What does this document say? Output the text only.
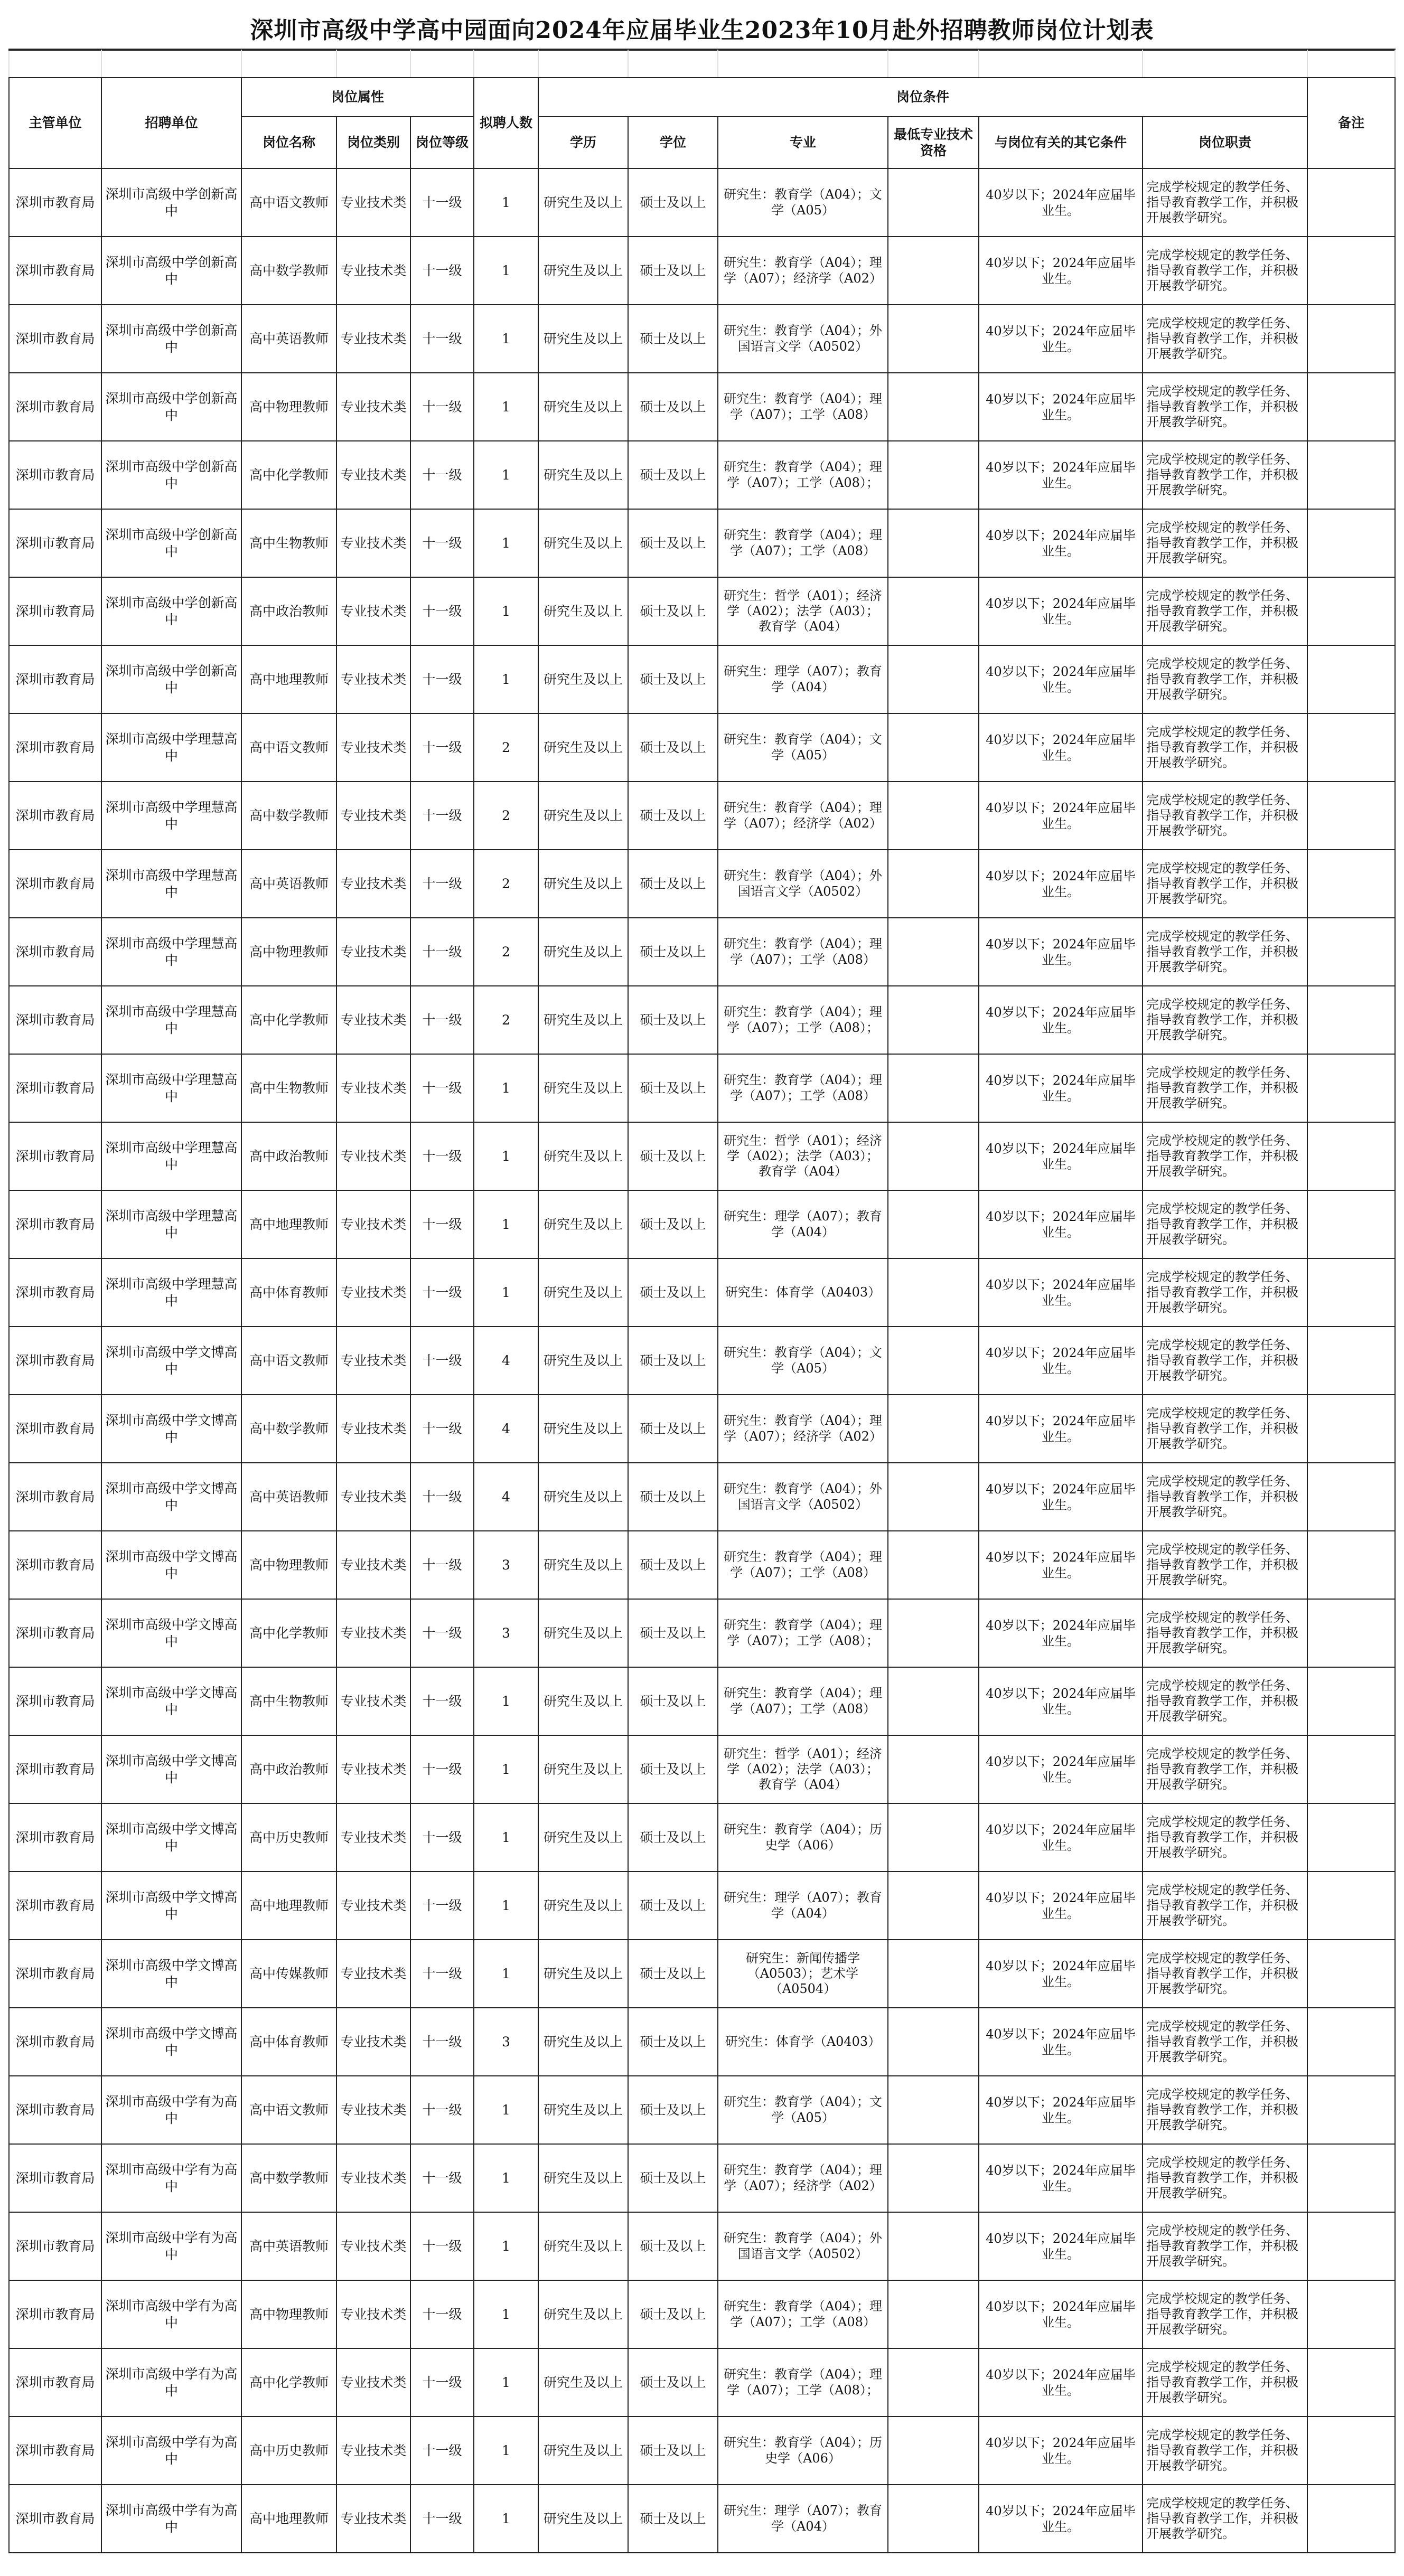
深圳市高级中学高中园面向2024年应届毕业生2023年10月赴外招聘教师岗位计划表

主管单位	招聘单位	岗位属性			拟聘人数	岗位条件						备注
		岗位名称	岗位类别	岗位等级		学历	学位	专业	最低专业技术资格	与岗位有关的其它条件	岗位职责	
深圳市教育局	深圳市高级中学创新高中	高中语文教师	专业技术类	十一级	1	研究生及以上	硕士及以上	研究生：教育学（A04）；文学（A05）		40岁以下；2024年应届毕业生。	完成学校规定的教学任务、指导教育教学工作，并积极开展教学研究。	
深圳市教育局	深圳市高级中学创新高中	高中数学教师	专业技术类	十一级	1	研究生及以上	硕士及以上	研究生：教育学（A04）；理学（A07）；经济学（A02）		40岁以下；2024年应届毕业生。	完成学校规定的教学任务、指导教育教学工作，并积极开展教学研究。	
深圳市教育局	深圳市高级中学创新高中	高中英语教师	专业技术类	十一级	1	研究生及以上	硕士及以上	研究生：教育学（A04）；外国语言文学（A0502）		40岁以下；2024年应届毕业生。	完成学校规定的教学任务、指导教育教学工作，并积极开展教学研究。	
深圳市教育局	深圳市高级中学创新高中	高中物理教师	专业技术类	十一级	1	研究生及以上	硕士及以上	研究生：教育学（A04）；理学（A07）；工学（A08）		40岁以下；2024年应届毕业生。	完成学校规定的教学任务、指导教育教学工作，并积极开展教学研究。	
深圳市教育局	深圳市高级中学创新高中	高中化学教师	专业技术类	十一级	1	研究生及以上	硕士及以上	研究生：教育学（A04）；理学（A07）；工学（A08）；		40岁以下；2024年应届毕业生。	完成学校规定的教学任务、指导教育教学工作，并积极开展教学研究。	
深圳市教育局	深圳市高级中学创新高中	高中生物教师	专业技术类	十一级	1	研究生及以上	硕士及以上	研究生：教育学（A04）；理学（A07）；工学（A08）		40岁以下；2024年应届毕业生。	完成学校规定的教学任务、指导教育教学工作，并积极开展教学研究。	
深圳市教育局	深圳市高级中学创新高中	高中政治教师	专业技术类	十一级	1	研究生及以上	硕士及以上	研究生：哲学（A01）；经济学（A02）；法学（A03）；教育学（A04）		40岁以下；2024年应届毕业生。	完成学校规定的教学任务、指导教育教学工作，并积极开展教学研究。	
深圳市教育局	深圳市高级中学创新高中	高中地理教师	专业技术类	十一级	1	研究生及以上	硕士及以上	研究生：理学（A07）；教育学（A04）		40岁以下；2024年应届毕业生。	完成学校规定的教学任务、指导教育教学工作，并积极开展教学研究。	
深圳市教育局	深圳市高级中学理慧高中	高中语文教师	专业技术类	十一级	2	研究生及以上	硕士及以上	研究生：教育学（A04）；文学（A05）		40岁以下；2024年应届毕业生。	完成学校规定的教学任务、指导教育教学工作，并积极开展教学研究。	
深圳市教育局	深圳市高级中学理慧高中	高中数学教师	专业技术类	十一级	2	研究生及以上	硕士及以上	研究生：教育学（A04）；理学（A07）；经济学（A02）		40岁以下；2024年应届毕业生。	完成学校规定的教学任务、指导教育教学工作，并积极开展教学研究。	
深圳市教育局	深圳市高级中学理慧高中	高中英语教师	专业技术类	十一级	2	研究生及以上	硕士及以上	研究生：教育学（A04）；外国语言文学（A0502）		40岁以下；2024年应届毕业生。	完成学校规定的教学任务、指导教育教学工作，并积极开展教学研究。	
深圳市教育局	深圳市高级中学理慧高中	高中物理教师	专业技术类	十一级	2	研究生及以上	硕士及以上	研究生：教育学（A04）；理学（A07）；工学（A08）		40岁以下；2024年应届毕业生。	完成学校规定的教学任务、指导教育教学工作，并积极开展教学研究。	
深圳市教育局	深圳市高级中学理慧高中	高中化学教师	专业技术类	十一级	2	研究生及以上	硕士及以上	研究生：教育学（A04）；理学（A07）；工学（A08）；		40岁以下；2024年应届毕业生。	完成学校规定的教学任务、指导教育教学工作，并积极开展教学研究。	
深圳市教育局	深圳市高级中学理慧高中	高中生物教师	专业技术类	十一级	1	研究生及以上	硕士及以上	研究生：教育学（A04）；理学（A07）；工学（A08）		40岁以下；2024年应届毕业生。	完成学校规定的教学任务、指导教育教学工作，并积极开展教学研究。	
深圳市教育局	深圳市高级中学理慧高中	高中政治教师	专业技术类	十一级	1	研究生及以上	硕士及以上	研究生：哲学（A01）；经济学（A02）；法学（A03）；教育学（A04）		40岁以下；2024年应届毕业生。	完成学校规定的教学任务、指导教育教学工作，并积极开展教学研究。	
深圳市教育局	深圳市高级中学理慧高中	高中地理教师	专业技术类	十一级	1	研究生及以上	硕士及以上	研究生：理学（A07）；教育学（A04）		40岁以下；2024年应届毕业生。	完成学校规定的教学任务、指导教育教学工作，并积极开展教学研究。	
深圳市教育局	深圳市高级中学理慧高中	高中体育教师	专业技术类	十一级	1	研究生及以上	硕士及以上	研究生：体育学（A0403）		40岁以下；2024年应届毕业生。	完成学校规定的教学任务、指导教育教学工作，并积极开展教学研究。	
深圳市教育局	深圳市高级中学文博高中	高中语文教师	专业技术类	十一级	4	研究生及以上	硕士及以上	研究生：教育学（A04）；文学（A05）		40岁以下；2024年应届毕业生。	完成学校规定的教学任务、指导教育教学工作，并积极开展教学研究。	
深圳市教育局	深圳市高级中学文博高中	高中数学教师	专业技术类	十一级	4	研究生及以上	硕士及以上	研究生：教育学（A04）；理学（A07）；经济学（A02）		40岁以下；2024年应届毕业生。	完成学校规定的教学任务、指导教育教学工作，并积极开展教学研究。	
深圳市教育局	深圳市高级中学文博高中	高中英语教师	专业技术类	十一级	4	研究生及以上	硕士及以上	研究生：教育学（A04）；外国语言文学（A0502）		40岁以下；2024年应届毕业生。	完成学校规定的教学任务、指导教育教学工作，并积极开展教学研究。	
深圳市教育局	深圳市高级中学文博高中	高中物理教师	专业技术类	十一级	3	研究生及以上	硕士及以上	研究生：教育学（A04）；理学（A07）；工学（A08）		40岁以下；2024年应届毕业生。	完成学校规定的教学任务、指导教育教学工作，并积极开展教学研究。	
深圳市教育局	深圳市高级中学文博高中	高中化学教师	专业技术类	十一级	3	研究生及以上	硕士及以上	研究生：教育学（A04）；理学（A07）；工学（A08）；		40岁以下；2024年应届毕业生。	完成学校规定的教学任务、指导教育教学工作，并积极开展教学研究。	
深圳市教育局	深圳市高级中学文博高中	高中生物教师	专业技术类	十一级	1	研究生及以上	硕士及以上	研究生：教育学（A04）；理学（A07）；工学（A08）		40岁以下；2024年应届毕业生。	完成学校规定的教学任务、指导教育教学工作，并积极开展教学研究。	
深圳市教育局	深圳市高级中学文博高中	高中政治教师	专业技术类	十一级	1	研究生及以上	硕士及以上	研究生：哲学（A01）；经济学（A02）；法学（A03）；教育学（A04）		40岁以下；2024年应届毕业生。	完成学校规定的教学任务、指导教育教学工作，并积极开展教学研究。	
深圳市教育局	深圳市高级中学文博高中	高中历史教师	专业技术类	十一级	1	研究生及以上	硕士及以上	研究生：教育学（A04）；历史学（A06）		40岁以下；2024年应届毕业生。	完成学校规定的教学任务、指导教育教学工作，并积极开展教学研究。	
深圳市教育局	深圳市高级中学文博高中	高中地理教师	专业技术类	十一级	1	研究生及以上	硕士及以上	研究生：理学（A07）；教育学（A04）		40岁以下；2024年应届毕业生。	完成学校规定的教学任务、指导教育教学工作，并积极开展教学研究。	
深圳市教育局	深圳市高级中学文博高中	高中传媒教师	专业技术类	十一级	1	研究生及以上	硕士及以上	研究生：新闻传播学（A0503）；艺术学（A0504）		40岁以下；2024年应届毕业生。	完成学校规定的教学任务、指导教育教学工作，并积极开展教学研究。	
深圳市教育局	深圳市高级中学文博高中	高中体育教师	专业技术类	十一级	3	研究生及以上	硕士及以上	研究生：体育学（A0403）		40岁以下；2024年应届毕业生。	完成学校规定的教学任务、指导教育教学工作，并积极开展教学研究。	
深圳市教育局	深圳市高级中学有为高中	高中语文教师	专业技术类	十一级	1	研究生及以上	硕士及以上	研究生：教育学（A04）；文学（A05）		40岁以下；2024年应届毕业生。	完成学校规定的教学任务、指导教育教学工作，并积极开展教学研究。	
深圳市教育局	深圳市高级中学有为高中	高中数学教师	专业技术类	十一级	1	研究生及以上	硕士及以上	研究生：教育学（A04）；理学（A07）；经济学（A02）		40岁以下；2024年应届毕业生。	完成学校规定的教学任务、指导教育教学工作，并积极开展教学研究。	
深圳市教育局	深圳市高级中学有为高中	高中英语教师	专业技术类	十一级	1	研究生及以上	硕士及以上	研究生：教育学（A04）；外国语言文学（A0502）		40岁以下；2024年应届毕业生。	完成学校规定的教学任务、指导教育教学工作，并积极开展教学研究。	
深圳市教育局	深圳市高级中学有为高中	高中物理教师	专业技术类	十一级	1	研究生及以上	硕士及以上	研究生：教育学（A04）；理学（A07）；工学（A08）		40岁以下；2024年应届毕业生。	完成学校规定的教学任务、指导教育教学工作，并积极开展教学研究。	
深圳市教育局	深圳市高级中学有为高中	高中化学教师	专业技术类	十一级	1	研究生及以上	硕士及以上	研究生：教育学（A04）；理学（A07）；工学（A08）；		40岁以下；2024年应届毕业生。	完成学校规定的教学任务、指导教育教学工作，并积极开展教学研究。	
深圳市教育局	深圳市高级中学有为高中	高中历史教师	专业技术类	十一级	1	研究生及以上	硕士及以上	研究生：教育学（A04）；历史学（A06）		40岁以下；2024年应届毕业生。	完成学校规定的教学任务、指导教育教学工作，并积极开展教学研究。	
深圳市教育局	深圳市高级中学有为高中	高中地理教师	专业技术类	十一级	1	研究生及以上	硕士及以上	研究生：理学（A07）；教育学（A04）		40岁以下；2024年应届毕业生。	完成学校规定的教学任务、指导教育教学工作，并积极开展教学研究。	
